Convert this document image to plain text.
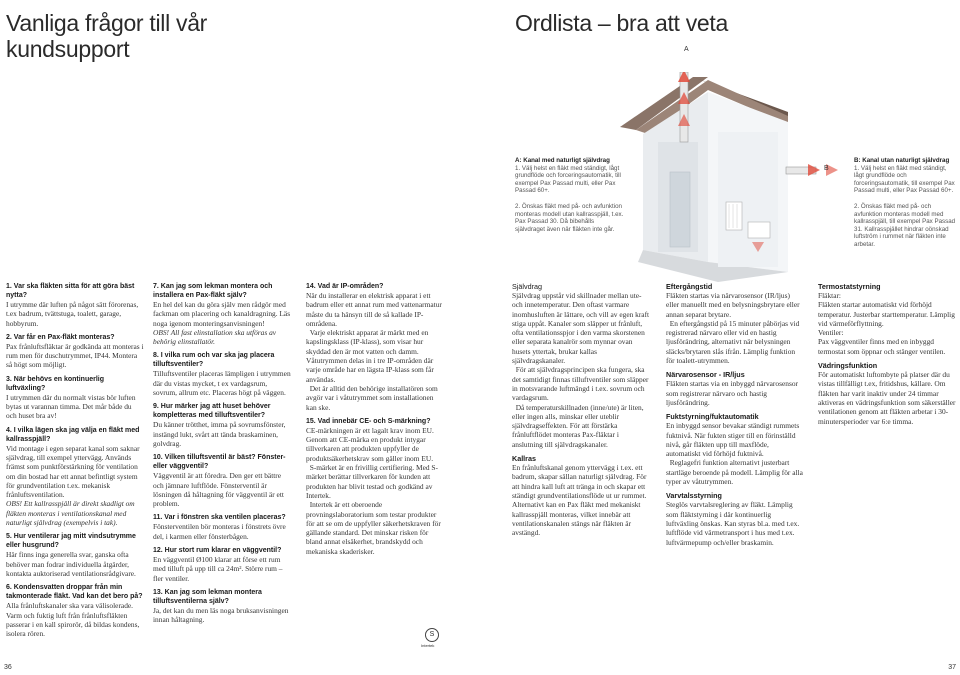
Vanliga frågor till vår kundsupport
Ordlista – bra att veta
A
B
A: Kanal med naturligt självdrag
1. Välj helst en fläkt med ständigt, lågt grundflöde och forceringsautomatik, till exempel Pax Passad multi, eller Pax Passad 60+.
2. Önskas fläkt med på- och avfunktion monteras modell utan kallrasspjäll, t.ex. Pax Passad 30. Då bibehålls självdraget även när fläkten inte går.
B: Kanal utan naturligt självdrag
1. Välj helst en fläkt med ständigt, lågt grundflöde och forceringsautomatik, till exempel Pax Passad multi, eller Pax Passad 60+.
2. Önskas fläkt med på- och avfunktion monteras modell med kallrasspjäll, till exempel Pax Passad 31. Kallrasspjället hindrar oönskad luftström i rummet när fläkten inte arbetar.

1. Var ska fläkten sitta för att göra bäst nytta?
I utrymme där luften på något sätt förorenas, t.ex badrum, tvättstuga, toalett, garage, hobbyrum.

2. Var får en Pax-fläkt monteras?
Pax frånluftsfläktar är godkända att monteras i rum men för duschutrymmet, IP44. Montera så högt som möjligt.

3. När behövs en kontinuerlig luftväxling?
I utrymmen där du normalt vistas bör luften bytas ut varannan timma. Det mår både du och huset bra av!

4. I vilka lägen ska jag välja en fläkt med kallrasspjäll?
Vid montage i egen separat kanal som saknar självdrag, till exempel yttervägg. Används främst som punktförstärkning för ventilation om din bostad har ett annat befintligt system för grundventilation t.ex. mekanisk frånluftsventilation.
OBS! Ett kallrasspjäll är direkt skadligt om fläkten monteras i ventilationskanal med naturligt självdrag (exempelvis i tak).

5. Hur ventilerar jag mitt vindsutrymme eller husgrund?
Här finns inga generella svar, ganska ofta behöver man fodrar individuella åtgärder, kontakta auktoriserad ventilationsrådgivare.

6. Kondensvatten droppar från min takmonterade fläkt. Vad kan det bero på?
Alla frånluftskanaler ska vara välisolerade. Varm och fuktig luft från frånluftsfläkten passerar i en kall spirorör, då bildas kondens, isolera rören.

7. Kan jag som lekman montera och installera en Pax-fläkt själv?
En hel del kan du göra själv men rådgör med fackman om placering och kanaldragning. Läs noga igenom monteringsanvisningen!
OBS! All fast elinstallation ska utföras av behörig elinstallatör.

8. I vilka rum och var ska jag placera tilluftsventiler?
Tilluftsventiler placeras lämpligen i utrymmen där du vistas mycket, t ex vardagsrum, sovrum, allrum etc. Placeras högt på väggen.

9. Hur märker jag att huset behöver kompletteras med tilluftsventiler?
Du känner trötthet, imma på sovrumsfönster, instängd lukt, svårt att tända braskaminen, golvdrag.

10. Vilken tilluftsventil är bäst? Fönster- eller väggventil?
Väggventil är att föredra. Den ger ett bättre och jämnare luftflöde. Fönsterventil är lösningen då håltagning för väggventil är ett problem.

11. Var i fönstren ska ventilen placeras?
Fönsterventilen bör monteras i fönstrets övre del, i karmen eller fönsterbågen.

12. Hur stort rum klarar en väggventil?
En väggventil Ø100 klarar att förse ett rum med tilluft på upp till ca 24m². Större rum – fler ventiler.

13. Kan jag som lekman montera tilluftsventilerna själv?
Ja, det kan du men läs noga bruksanvisningen innan håltagning.

14. Vad är IP-områden?
När du installerar en elektrisk apparat i ett badrum eller ett annat rum med vattenarmatur måste du ta hänsyn till de så kallade IP-områdena.
Varje elektriskt apparat är märkt med en kapslingsklass (IP-klass), som visar hur skyddad den är mot vatten och damm. Våtutrymmen delas in i tre IP-områden där varje område har en lägsta IP-klass som får användas.
Det är alltid den behörige installatören som avgör var i våtutrymmet som installationen kan ske.

15. Vad innebär CE- och S-märkning?
CE-märkningen är ett lagalt krav inom EU. Genom att CE-märka en produkt intygar tillverkaren att produkten uppfyller de produktsäkerhetskrav som gäller inom EU.
S-märket är en frivillig certifiering. Med S-märket berättar tillverkaren för kunden att produkten har blivit testad och godkänd av Intertek.
Intertek är ett oberoende provningslaboratorium som testar produkter för att se om de uppfyller säkerhetskraven för gällande standard. Det minskar risken för bland annat elsäkerhet, brandskydd och mekaniska skaderisker.

S
Intertek

Självdrag
Självdrag uppstår vid skillnader mellan ute- och innetemperatur. Den oftast varmare inomhusluften är lättare, och vill av egen kraft stiga uppåt. Kanaler som släpper ut frånluft, ofta ventilationsspjor i den varma skorstenen eller separata kanalrör som mynnar ovan husets yttertak, brukar kallas självdragskanaler.
För att självdragsprincipen ska fungera, ska det samtidigt finnas tilluftventiler som släpper in motsvarande luftmängd i t.ex. sovrum och vardagsrum.
Då temperaturskillnaden (inne/ute) är liten, eller ingen alls, minskar eller uteblir självdragseffekten. För att förstärka frånluftflödet monteras Pax-fläktar i anslutning till självdragskanaler.

Kallras
En frånluftskanal genom yttervägg i t.ex. ett badrum, skapar sällan naturligt självdrag. För att hindra kall luft att tränga in och skapar ett ständigt grundventilationsflöde ut ur rummet. Alternativt kan en Pax fläkt med mekaniskt kallrasspjäll monteras, vilket innebär att ventilationskanalen stängs när fläkten är avstängd.

Eftergångstid
Fläkten startas via närvarosensor (IR/ljus) eller manuellt med en belysningsbrytare eller annan separat brytare.
En eftergångstid på 15 minuter påbörjas vid registrerad närvaro eller vid en hastig ljusförändring, alternativt när belysningen släcks/brytaren slås ifrån. Lämplig funktion för toalett-utrymmen.

Närvarosensor - IR/ljus
Fläkten startas via en inbyggd närvarosensor som registrerar närvaro och hastig ljusförändring.

Fuktstyrning/fuktautomatik
En inbyggd sensor bevakar ständigt rummets fuktnivå. När fukten stiger till en förinställd nivå, går fläkten upp till maxflöde, automatiskt vid förhöjd fuktnivå.
Reglagefri funktion alternativt justerbart startläge beroende på modell. Lämplig för alla typer av våtutrymmen.

Varvtalsstyrning
Steglös varvtalsreglering av fläkt. Lämplig som fläktstyrning i där kontinuerlig luftväxling önskas. Kan styras bl.a. med t.ex. luftflöde vid värmetransport i hus med t.ex. luftvärmepump och/eller braskamin.

Termostatstyrning
Fläktar:
Fläkten startar automatiskt vid förhöjd temperatur. Justerbar starttemperatur. Lämplig vid värmeförflyttning.
Ventiler:
Pax väggventiler finns med en inbyggd termostat som öppnar och stänger ventilen.

Vädringsfunktion
För automatiskt luftombyte på platser där du vistas tillfälligt t.ex, fritidshus, källare. Om fläkten har varit inaktiv under 24 timmar aktiveras en vädringsfunktion som säkerställer ventilationen genom att fläkten arbetar i 30-minutersperioder var 6:e timma.

36	37
